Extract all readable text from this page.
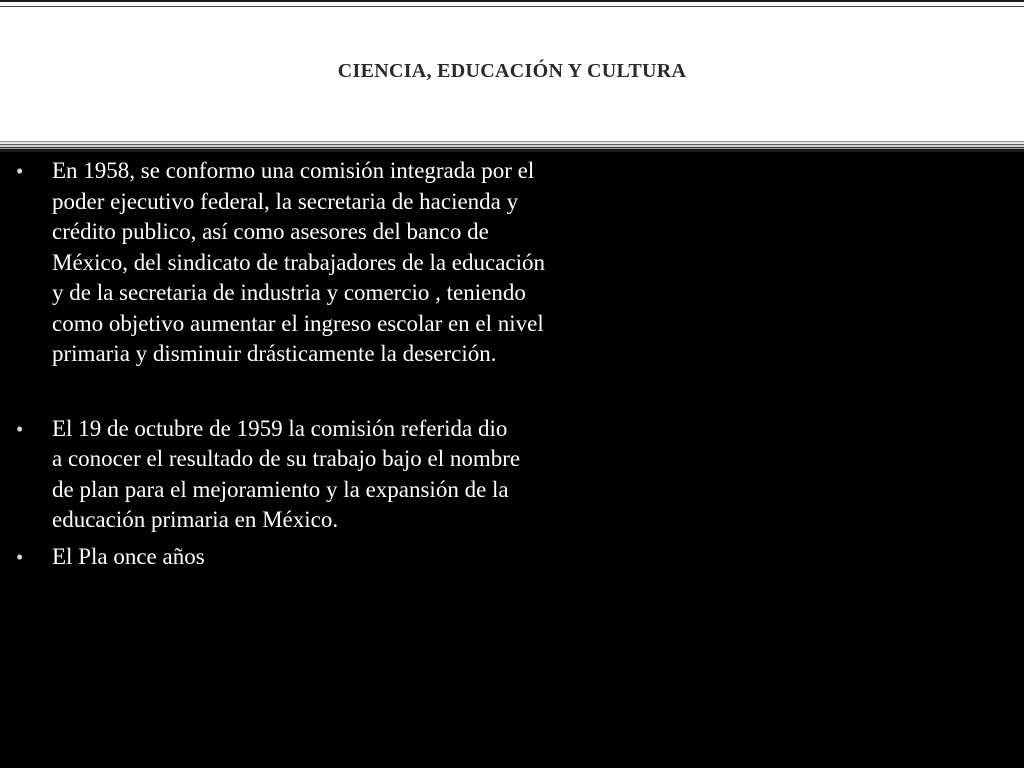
CIENCIA, EDUCACIÓN Y CULTURA
• En 1958, se conformo una comisión integrada por el poder ejecutivo federal, la secretaria de hacienda y crédito publico, así como asesores del banco de México, del sindicato de trabajadores de la educación y de la secretaria de industria y comercio , teniendo como objetivo aumentar el ingreso escolar en el nivel primaria y disminuir drásticamente la deserción.
• El 19 de octubre de 1959 la comisión referida dio a conocer el resultado de su trabajo bajo el nombre de plan para el mejoramiento y la expansión de la educación primaria en México.
• El Pla once años
